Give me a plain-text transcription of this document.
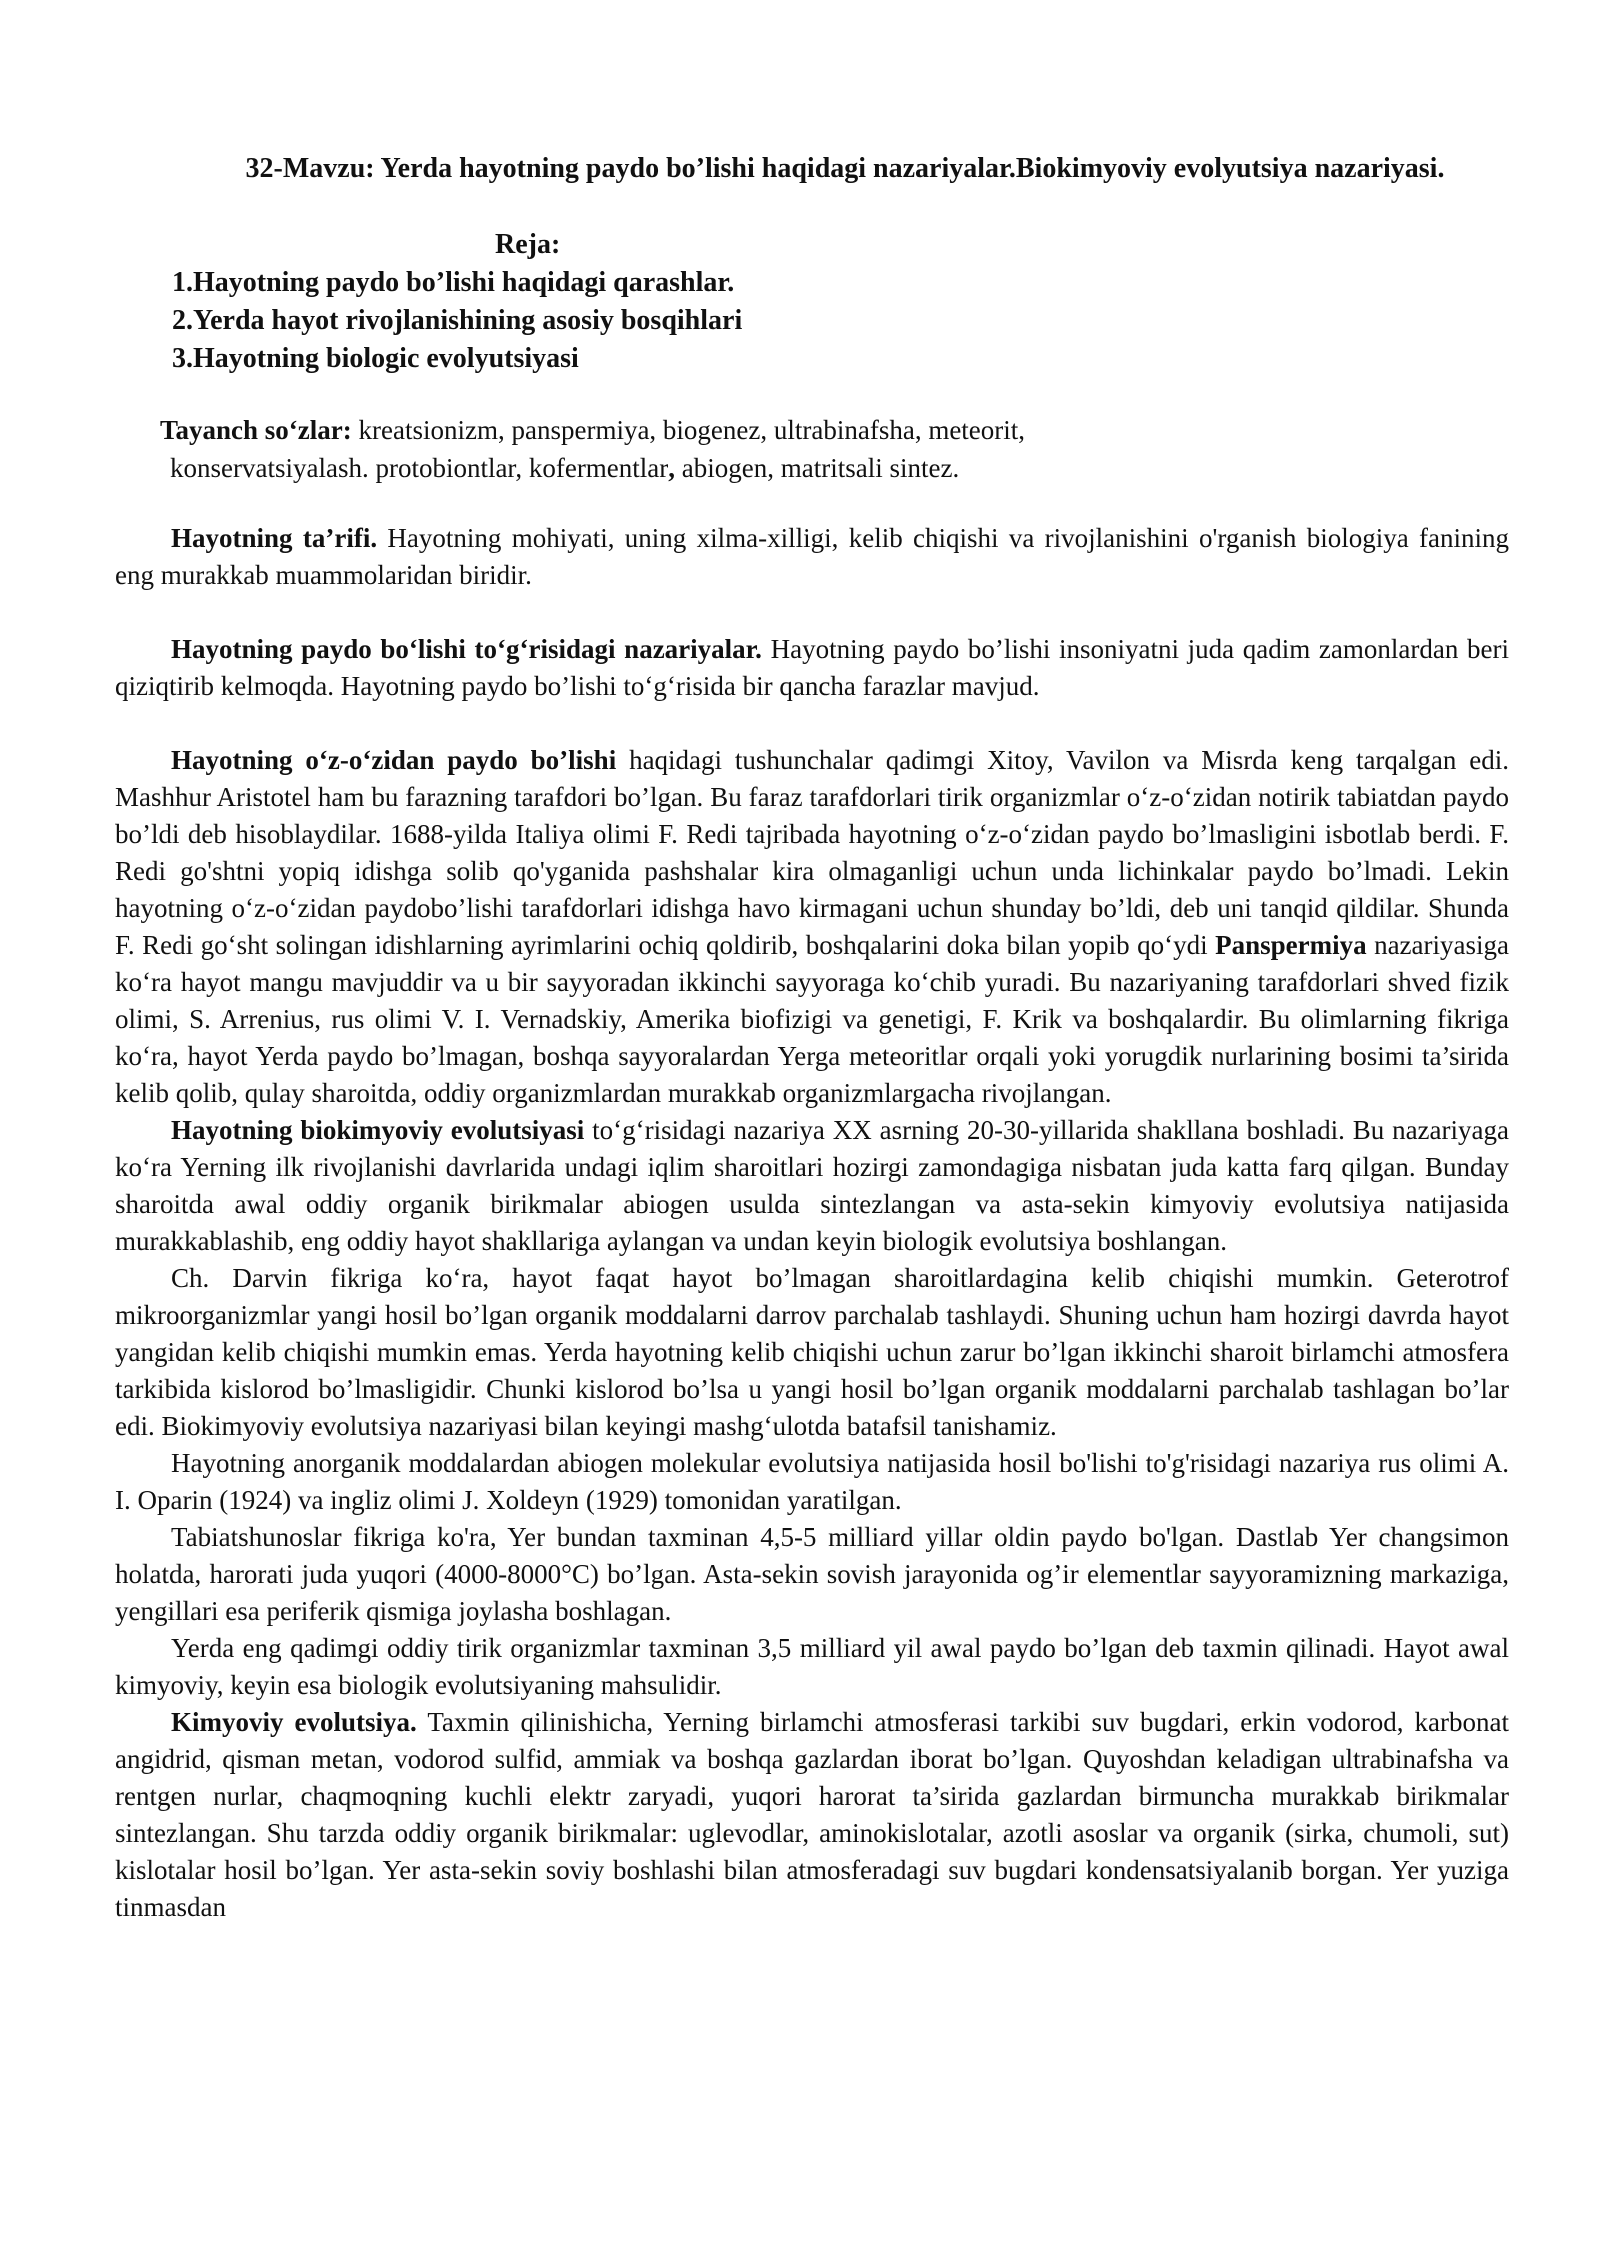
32-Mavzu: Yerda hayotning paydo bo’lishi haqidagi nazariyalar.Biokimyoviy evolyutsiya nazariyasi.
Reja:
1.Hayotning paydo bo’lishi haqidagi qarashlar.
2.Yerda hayot rivojlanishining asosiy bosqihlari
3.Hayotning biologic evolyutsiyasi
Tayanch so‘zlar: kreatsionizm, panspermiya, biogenez, ultrabinafsha, meteorit,
konservatsiyalash. protobiontlar, kofermentlar, abiogen, matritsali sintez.

Hayotning ta’rifi. Hayotning mohiyati, uning xilma-xilligi, kelib chiqishi va rivojlanishini o'rganish biologiya fanining eng murakkab muammolaridan biridir.

Hayotning paydo bo‘lishi to‘g‘risidagi nazariyalar. Hayotning paydo bo’lishi insoniyatni juda qadim zamonlardan beri qiziqtirib kelmoqda. Hayotning paydo bo’lishi to‘g‘risida bir qancha farazlar mavjud.

Hayotning o‘z-o‘zidan paydo bo’lishi haqidagi tushunchalar qadimgi Xitoy, Vavilon va Misrda keng tarqalgan edi. Mashhur Aristotel ham bu farazning tarafdori bo’lgan. Bu faraz tarafdorlari tirik organizmlar o‘z-o‘zidan notirik tabiatdan paydo bo’ldi deb hisoblaydilar. 1688-yilda Italiya olimi F. Redi tajribada hayotning o‘z-o‘zidan paydo bo’lmasligini isbotlab berdi. F. Redi go'shtni yopiq idishga solib qo'yganida pashshalar kira olmaganligi uchun unda lichinkalar paydo bo’lmadi. Lekin hayotning o‘z-o‘zidan paydobo’lishi tarafdorlari idishga havo kirmagani uchun shunday bo’ldi, deb uni tanqid qildilar. Shunda F. Redi go‘sht solingan idishlarning ayrimlarini ochiq qoldirib, boshqalarini doka bilan yopib qo‘ydi Panspermiya nazariyasiga ko‘ra hayot mangu mavjuddir va u bir sayyoradan ikkinchi sayyoraga ko‘chib yuradi. Bu nazariyaning tarafdorlari shved fizik olimi, S. Arrenius, rus olimi V. I. Vernadskiy, Amerika biofizigi va genetigi, F. Krik va boshqalardir. Bu olimlarning fikriga ko‘ra, hayot Yerda paydo bo’lmagan, boshqa sayyoralardan Yerga meteoritlar orqali yoki yorugdik nurlarining bosimi ta’sirida kelib qolib, qulay sharoitda, oddiy organizmlardan murakkab organizmlargacha rivojlangan.

Hayotning biokimyoviy evolutsiyasi to‘g‘risidagi nazariya XX asrning 20-30-yillarida shakllana boshladi. Bu nazariyaga ko‘ra Yerning ilk rivojlanishi davrlarida undagi iqlim sharoitlari hozirgi zamondagiga nisbatan juda katta farq qilgan. Bunday sharoitda awal oddiy organik birikmalar abiogen usulda sintezlangan va asta-sekin kimyoviy evolutsiya natijasida murakkablashib, eng oddiy hayot shakllariga aylangan va undan keyin biologik evolutsiya boshlangan.

Ch. Darvin fikriga ko‘ra, hayot faqat hayot bo’lmagan sharoitlardagina kelib chiqishi mumkin. Geterotrof mikroorganizmlar yangi hosil bo’lgan organik moddalarni darrov parchalab tashlaydi. Shuning uchun ham hozirgi davrda hayot yangidan kelib chiqishi mumkin emas. Yerda hayotning kelib chiqishi uchun zarur bo’lgan ikkinchi sharoit birlamchi atmosfera tarkibida kislorod bo’lmasligidir. Chunki kislorod bo’lsa u yangi hosil bo’lgan organik moddalarni parchalab tashlagan bo’lar edi. Biokimyoviy evolutsiya nazariyasi bilan keyingi mashg‘ulotda batafsil tanishamiz.

Hayotning anorganik moddalardan abiogen molekular evolutsiya natijasida hosil bo'lishi to'g'risidagi nazariya rus olimi A. I. Oparin (1924) va ingliz olimi J. Xoldeyn (1929) tomonidan yaratilgan.

Tabiatshunoslar fikriga ko'ra, Yer bundan taxminan 4,5-5 milliard yillar oldin paydo bo'lgan. Dastlab Yer changsimon holatda, harorati juda yuqori (4000-8000°C) bo’lgan. Asta-sekin sovish jarayonida og’ir elementlar sayyoramizning markaziga, yengillari esa periferik qismiga joylasha boshlagan.

Yerda eng qadimgi oddiy tirik organizmlar taxminan 3,5 milliard yil awal paydo bo’lgan deb taxmin qilinadi. Hayot awal kimyoviy, keyin esa biologik evolutsiyaning mahsulidir.

Kimyoviy evolutsiya. Taxmin qilinishicha, Yerning birlamchi atmosferasi tarkibi suv bugdari, erkin vodorod, karbonat angidrid, qisman metan, vodorod sulfid, ammiak va boshqa gazlardan iborat bo’lgan. Quyoshdan keladigan ultrabinafsha va rentgen nurlar, chaqmoqning kuchli elektr zaryadi, yuqori harorat ta’sirida gazlardan birmuncha murakkab birikmalar sintezlangan. Shu tarzda oddiy organik birikmalar: uglevodlar, aminokislotalar, azotli asoslar va organik (sirka, chumoli, sut) kislotalar hosil bo’lgan. Yer asta-sekin soviy boshlashi bilan atmosferadagi suv bugdari kondensatsiyalanib borgan. Yer yuziga tinmasdan
